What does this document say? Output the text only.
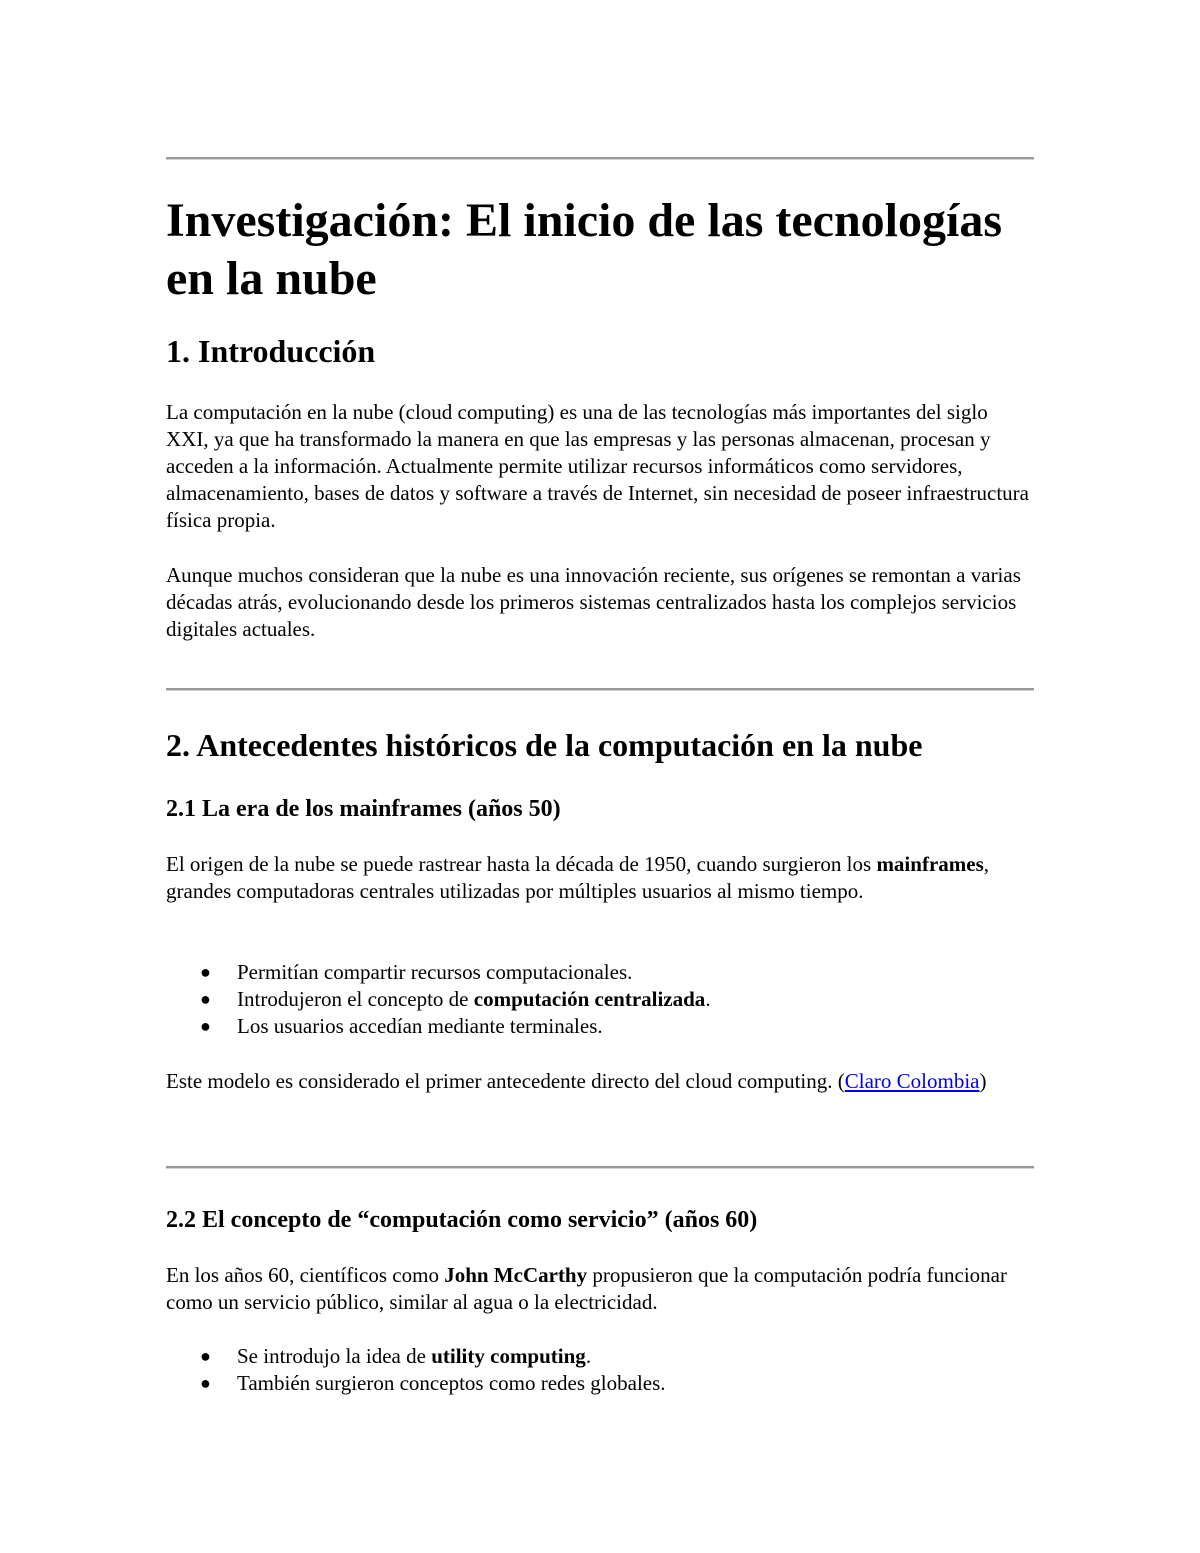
Investigación: El inicio de las tecnologías en la nube
1. Introducción

La computación en la nube (cloud computing) es una de las tecnologías más importantes del siglo XXI, ya que ha transformado la manera en que las empresas y las personas almacenan, procesan y acceden a la información. Actualmente permite utilizar recursos informáticos como servidores, almacenamiento, bases de datos y software a través de Internet, sin necesidad de poseer infraestructura física propia.

Aunque muchos consideran que la nube es una innovación reciente, sus orígenes se remontan a varias décadas atrás, evolucionando desde los primeros sistemas centralizados hasta los complejos servicios digitales actuales.

2. Antecedentes históricos de la computación en la nube
2.1 La era de los mainframes (años 50)

El origen de la nube se puede rastrear hasta la década de 1950, cuando surgieron los mainframes, grandes computadoras centrales utilizadas por múltiples usuarios al mismo tiempo.

● Permitían compartir recursos computacionales.
● Introdujeron el concepto de computación centralizada.
● Los usuarios accedían mediante terminales.

Este modelo es considerado el primer antecedente directo del cloud computing. (Claro Colombia)

2.2 El concepto de “computación como servicio” (años 60)

En los años 60, científicos como John McCarthy propusieron que la computación podría funcionar como un servicio público, similar al agua o la electricidad.

● Se introdujo la idea de utility computing.
● También surgieron conceptos como redes globales.
